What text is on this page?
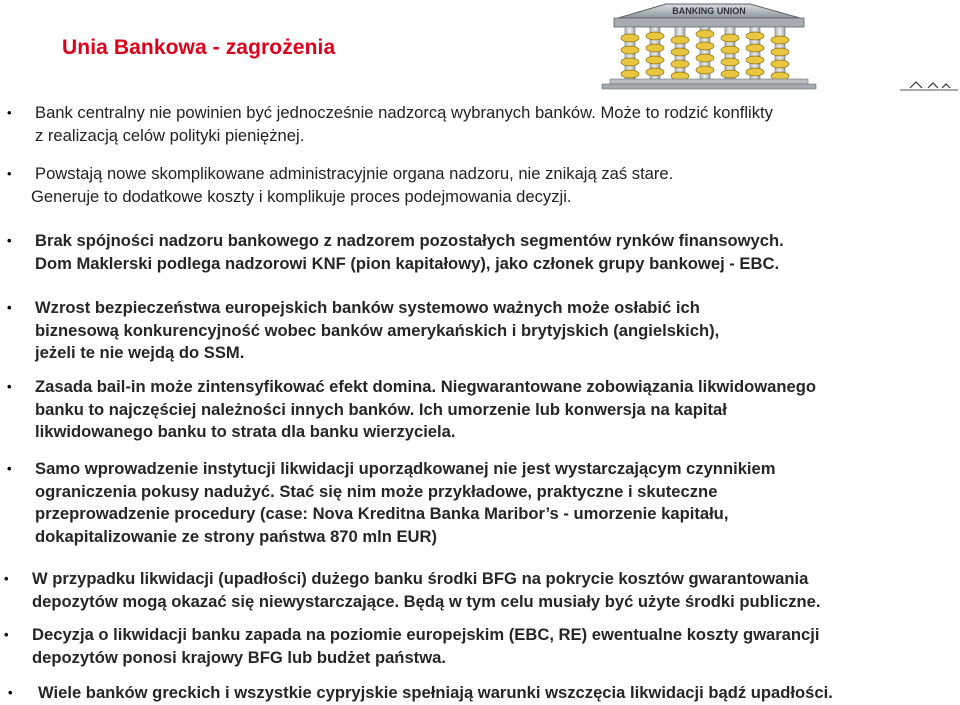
Unia Bankowa - zagrożenia
BANKING UNION
• Bank centralny nie powinien być jednocześnie nadzorcą wybranych banków. Może to rodzić konflikty
z realizacją celów polityki pieniężnej.
• Powstają nowe skomplikowane administracyjnie organa nadzoru, nie znikają zaś stare.
Generuje to dodatkowe koszty i komplikuje proces podejmowania decyzji.
• Brak spójności nadzoru bankowego z nadzorem pozostałych segmentów rynków finansowych.
Dom Maklerski podlega nadzorowi KNF (pion kapitałowy), jako członek grupy bankowej - EBC.
• Wzrost bezpieczeństwa europejskich banków systemowo ważnych może osłabić ich
biznesową konkurencyjność wobec banków amerykańskich i brytyjskich (angielskich),
jeżeli te nie wejdą do SSM.
• Zasada bail-in może zintensyfikować efekt domina. Niegwarantowane zobowiązania likwidowanego
banku to najczęściej należności innych banków. Ich umorzenie lub konwersja na kapitał
likwidowanego banku to strata dla banku wierzyciela.
• Samo wprowadzenie instytucji likwidacji uporządkowanej nie jest wystarczającym czynnikiem
ograniczenia pokusy nadużyć. Stać się nim może przykładowe, praktyczne i skuteczne
przeprowadzenie procedury (case: Nova Kreditna Banka Maribor’s - umorzenie kapitału,
dokapitalizowanie ze strony państwa 870 mln EUR)
• W przypadku likwidacji (upadłości) dużego banku środki BFG na pokrycie kosztów gwarantowania
depozytów mogą okazać się niewystarczające. Będą w tym celu musiały być użyte środki publiczne.
• Decyzja o likwidacji banku zapada na poziomie europejskim (EBC, RE) ewentualne koszty gwarancji
depozytów ponosi krajowy BFG lub budżet państwa.
• Wiele banków greckich i wszystkie cypryjskie spełniają warunki wszczęcia likwidacji bądź upadłości.
